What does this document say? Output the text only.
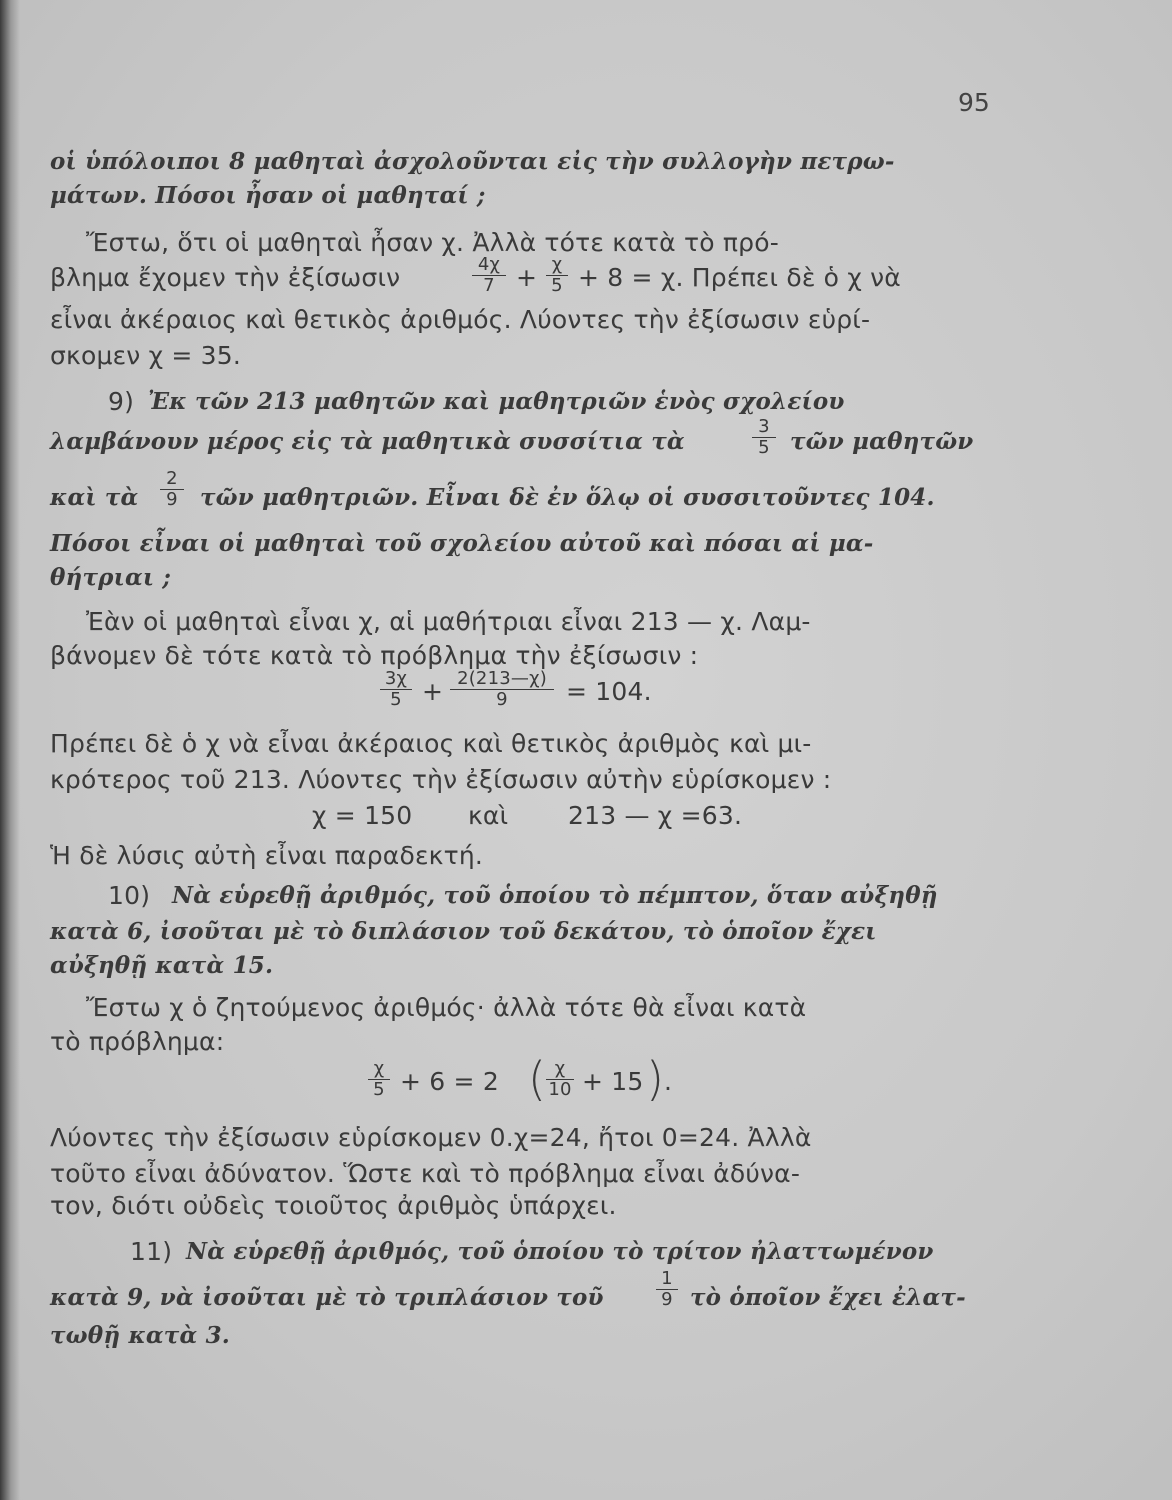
95
οἱ ὑπόλοιποι 8 μαθηταὶ ἀσχολοῦνται εἰς τὴν συλλογὴν πετρω-
μάτων. Πόσοι ἦσαν οἱ μαθηταί ;
Ἔστω, ὅτι οἱ μαθηταὶ ἦσαν χ. Ἀλλὰ τότε κατὰ τὸ πρό-
βλημα ἔχομεν τὴν ἐξίσωσιν	4χ
7 + χ
5 + 8 = χ. Πρέπει δὲ ὁ χ νὰ
εἶναι ἀκέραιος καὶ θετικὸς ἀριθμός. Λύοντες τὴν ἐξίσωσιν εὑρί-
σκομεν χ = 35.
9) Ἐκ τῶν 213 μαθητῶν καὶ μαθητριῶν ἑνὸς σχολείου
λαμβάνουν μέρος εἰς τὰ μαθητικὰ συσσίτια τὰ
3
5 τῶν μαθητῶν
καὶ τὰ
2
9 τῶν μαθητριῶν. Εἶναι δὲ ἐν ὅλῳ οἱ συσσιτοῦντες 104.
Πόσοι εἶναι οἱ μαθηταὶ τοῦ σχολείου αὐτοῦ καὶ πόσαι αἱ μα-
θήτριαι ;
Ἐὰν οἱ μαθηταὶ εἶναι χ, αἱ μαθήτριαι εἶναι 213 — χ. Λαμ-
βάνομεν δὲ τότε κατὰ τὸ πρόβλημα τὴν ἐξίσωσιν :
3χ
5 + 2(213—χ)
9	= 104.
Πρέπει δὲ ὁ χ νὰ εἶναι ἀκέραιος καὶ θετικὸς ἀριθμὸς καὶ μι-
κρότερος τοῦ 213. Λύοντες τὴν ἐξίσωσιν αὐτὴν εὑρίσκομεν :
χ = 150 καὶ 213 — χ =63.
Ἡ δὲ λύσις αὐτὴ εἶναι παραδεκτή.
10) Νὰ εὑρεθῇ ἀριθμός, τοῦ ὁποίου τὸ πέμπτον, ὅταν αὐξηθῇ
κατὰ 6, ἰσοῦται μὲ τὸ διπλάσιον τοῦ δεκάτου, τὸ ὁποῖον ἔχει
αὐξηθῇ κατὰ 15.
Ἔστω χ ὁ ζητούμενος ἀριθμός· ἀλλὰ τότε θὰ εἶναι κατὰ
τὸ πρόβλημα:
χ
5 + 6 = 2 ( χ
10 + 15 ) .
Λύοντες τὴν ἐξίσωσιν εὑρίσκομεν 0.χ=24, ἤτοι 0=24. Ἀλλὰ
τοῦτο εἶναι ἀδύνατον. Ὥστε καὶ τὸ πρόβλημα εἶναι ἀδύνα-
τον, διότι οὐδεὶς τοιοῦτος ἀριθμὸς ὑπάρχει.
11) Νὰ εὑρεθῇ ἀριθμός, τοῦ ὁποίου τὸ τρίτον ἠλαττωμένον
κατὰ 9, νὰ ἰσοῦται μὲ τὸ τριπλάσιον τοῦ
1
9 τὸ ὁποῖον ἔχει ἐλατ-
τωθῇ κατὰ 3.
